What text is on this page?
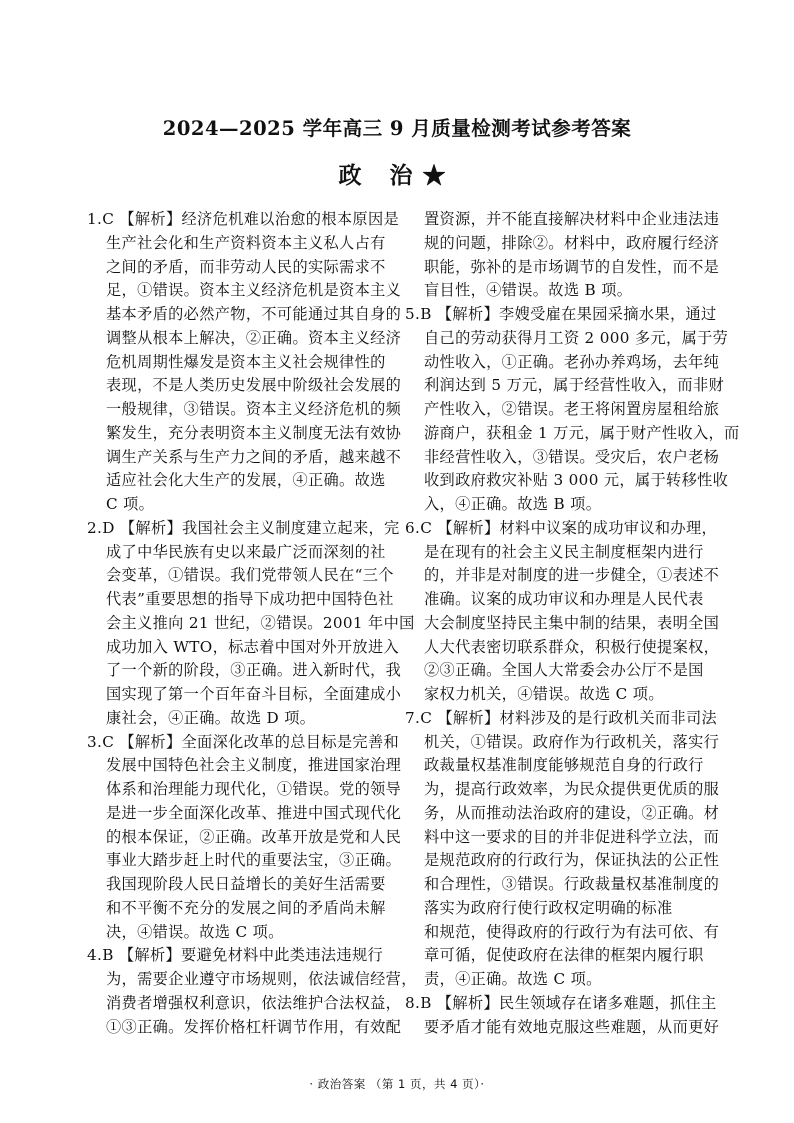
2024—2025 学年高三 9 月质量检测考试参考答案
政 治★
1.C 【解析】经济危机难以治愈的根本原因是
生产社会化和生产资料资本主义私人占有
之间的矛盾，而非劳动人民的实际需求不
足，①错误。资本主义经济危机是资本主义
基本矛盾的必然产物，不可能通过其自身的
调整从根本上解决，②正确。资本主义经济
危机周期性爆发是资本主义社会规律性的
表现，不是人类历史发展中阶级社会发展的
一般规律，③错误。资本主义经济危机的频
繁发生，充分表明资本主义制度无法有效协
调生产关系与生产力之间的矛盾，越来越不
适应社会化大生产的发展，④正确。故选
C 项。
2.D 【解析】我国社会主义制度建立起来，完
成了中华民族有史以来最广泛而深刻的社
会变革，①错误。我们党带领人民在“三个
代表”重要思想的指导下成功把中国特色社
会主义推向 21 世纪，②错误。2001 年中国
成功加入 WTO，标志着中国对外开放进入
了一个新的阶段，③正确。进入新时代，我
国实现了第一个百年奋斗目标，全面建成小
康社会，④正确。故选 D 项。
3.C 【解析】全面深化改革的总目标是完善和
发展中国特色社会主义制度，推进国家治理
体系和治理能力现代化，①错误。党的领导
是进一步全面深化改革、推进中国式现代化
的根本保证，②正确。改革开放是党和人民
事业大踏步赶上时代的重要法宝，③正确。
我国现阶段人民日益增长的美好生活需要
和不平衡不充分的发展之间的矛盾尚未解
决，④错误。故选 C 项。
4.B 【解析】要避免材料中此类违法违规行
为，需要企业遵守市场规则，依法诚信经营，
消费者增强权利意识，依法维护合法权益，
①③正确。发挥价格杠杆调节作用，有效配
置资源，并不能直接解决材料中企业违法违
规的问题，排除②。材料中，政府履行经济
职能，弥补的是市场调节的自发性，而不是
盲目性，④错误。故选 B 项。
5.B 【解析】李嫂受雇在果园采摘水果，通过
自己的劳动获得月工资 2 000 多元，属于劳
动性收入，①正确。老孙办养鸡场，去年纯
利润达到 5 万元，属于经营性收入，而非财
产性收入，②错误。老王将闲置房屋租给旅
游商户，获租金 1 万元，属于财产性收入，而
非经营性收入，③错误。受灾后，农户老杨
收到政府救灾补贴 3 000 元，属于转移性收
入，④正确。故选 B 项。
6.C 【解析】材料中议案的成功审议和办理，
是在现有的社会主义民主制度框架内进行
的，并非是对制度的进一步健全，①表述不
准确。议案的成功审议和办理是人民代表
大会制度坚持民主集中制的结果，表明全国
人大代表密切联系群众，积极行使提案权，
②③正确。全国人大常委会办公厅不是国
家权力机关，④错误。故选 C 项。
7.C 【解析】材料涉及的是行政机关而非司法
机关，①错误。政府作为行政机关，落实行
政裁量权基准制度能够规范自身的行政行
为，提高行政效率，为民众提供更优质的服
务，从而推动法治政府的建设，②正确。材
料中这一要求的目的并非促进科学立法，而
是规范政府的行政行为，保证执法的公正性
和合理性，③错误。行政裁量权基准制度的
落实为政府行使行政权定明确的标准
和规范，使得政府的行政行为有法可依、有
章可循，促使政府在法律的框架内履行职
责，④正确。故选 C 项。
8.B 【解析】民生领域存在诸多难题，抓住主
要矛盾才能有效地克服这些难题，从而更好
· 政治答案 （第 1 页，共 4 页）·
